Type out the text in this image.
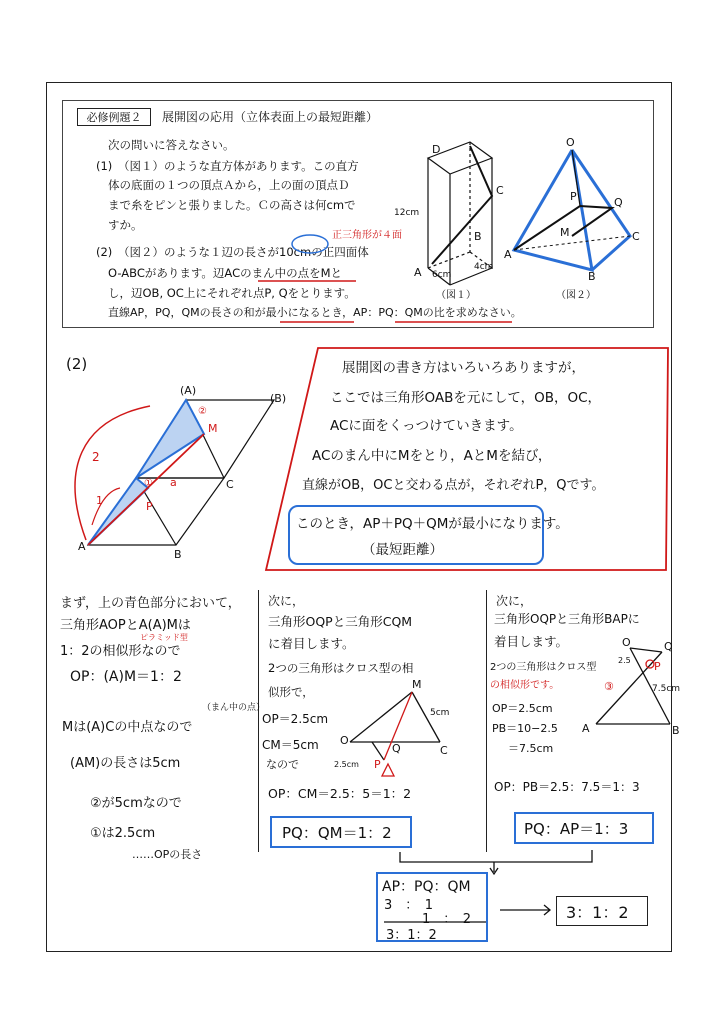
必修例題２	展開図の応用（立体表面上の最短距離）
次の問いに答えなさい。
(1)　（図１）のような直方体があります。この直方
体の底面の１つの頂点Ａから，上の面の頂点Ｄ
まで糸をピンと張りました。Ｃの高さは何cmで
すか。
(2)　（図２）のような１辺の長さが10cmの正四面体
O-ABCがあります。辺ACのまん中の点をMと
し，辺OB, OC上にそれぞれ点P, Qをとります。
直線AP，PQ，QMの長さの和が最小になるとき，AP：PQ：QMの比を求めなさい。
正三角形が４面
D
C
B
A
12cm
6cm
4cm
（図１）
O
P	Q
M
A
B
C
（図２）
(2)
(A)
(B)
M
②
C
① a
P
A
B
2
1
展開図の書き方はいろいろありますが，
ここでは三角形OABを元にして，OB，OC，
ACに面をくっつけていきます。
ACのまん中にMをとり，AとMを結び，
直線がOB，OCと交わる点が，それぞれP，Qです。
このとき，AP＋PQ＋QMが最小になります。
（最短距離）
まず，上の青色部分において，
三角形AOPとA(A)Mは
ピラミッド型
1：2の相似形なので
OP：(A)M＝1：2
（まん中の点）
Mは(A)Cの中点なので
(AM)の長さは5cm
②が5cmなので
①は2.5cm
……OPの長さ
次に，
三角形OQPと三角形CQM
に着目します。
2つの三角形はクロス型の相
似形で，
OP＝2.5cm
CM＝5cm
なので
OP：CM＝2.5：5＝1：2
PQ：QM＝1：2
O
C
M
P
Q
5cm
2.5cm
次に，
三角形OQPと三角形BAPに
着目します。
2つの三角形はクロス型
の相似形です。
OP＝2.5cm
PB＝10−2.5
＝7.5cm
OP：PB＝2.5：7.5＝1：3
PQ：AP＝1：3
O	Q
P
A	B
2.5
7.5cm
③
AP：PQ：QM
3　：　1
1　：　2
3：1：2
3：1：2
